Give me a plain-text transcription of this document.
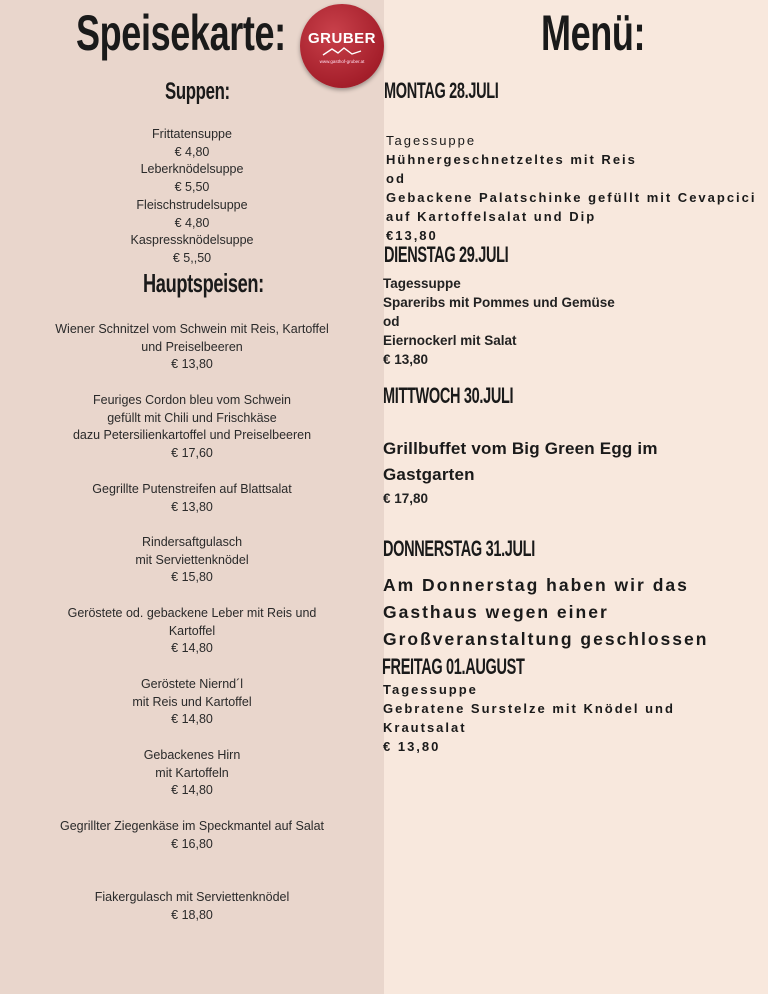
Speisekarte:	GRUBER
www.gasthof-gruber.at
Suppen:
Frittatensuppe
€ 4,80
Leberknödelsuppe
€ 5,50
Fleischstrudelsuppe
€ 4,80
Kaspressknödelsuppe
€ 5,,50
Hauptspeisen:
Wiener Schnitzel vom Schwein mit Reis, Kartoffel
und Preiselbeeren
€ 13,80
Feuriges Cordon bleu vom Schwein
gefüllt mit Chili und Frischkäse
dazu Petersilienkartoffel und Preiselbeeren
€ 17,60
Gegrillte Putenstreifen auf Blattsalat
€ 13,80
Rindersaftgulasch
mit Serviettenknödel
€ 15,80
Geröstete od. gebackene Leber mit Reis und
Kartoffel
€ 14,80
Geröstete Niernd´l
mit Reis und Kartoffel
€ 14,80
Gebackenes Hirn
mit Kartoffeln
€ 14,80
Gegrillter Ziegenkäse im Speckmantel auf Salat
€ 16,80
Fiakergulasch mit Serviettenknödel
€ 18,80
Menü:
MONTAG 28.JULI
Tagessuppe
Hühnergeschnetzeltes mit Reis
od
Gebackene Palatschinke gefüllt mit Cevapcici
auf Kartoffelsalat und Dip
€13,80
DIENSTAG 29.JULI
Tagessuppe
Spareribs mit Pommes und Gemüse
od
Eiernockerl mit Salat
€ 13,80
MITTWOCH 30.JULI
Grillbuffet vom Big Green Egg im
Gastgarten
€ 17,80
DONNERSTAG 31.JULI
Am Donnerstag haben wir das
Gasthaus wegen einer
Großveranstaltung geschlossen
FREITAG 01.AUGUST
Tagessuppe
Gebratene Surstelze mit Knödel und
Krautsalat
€ 13,80
